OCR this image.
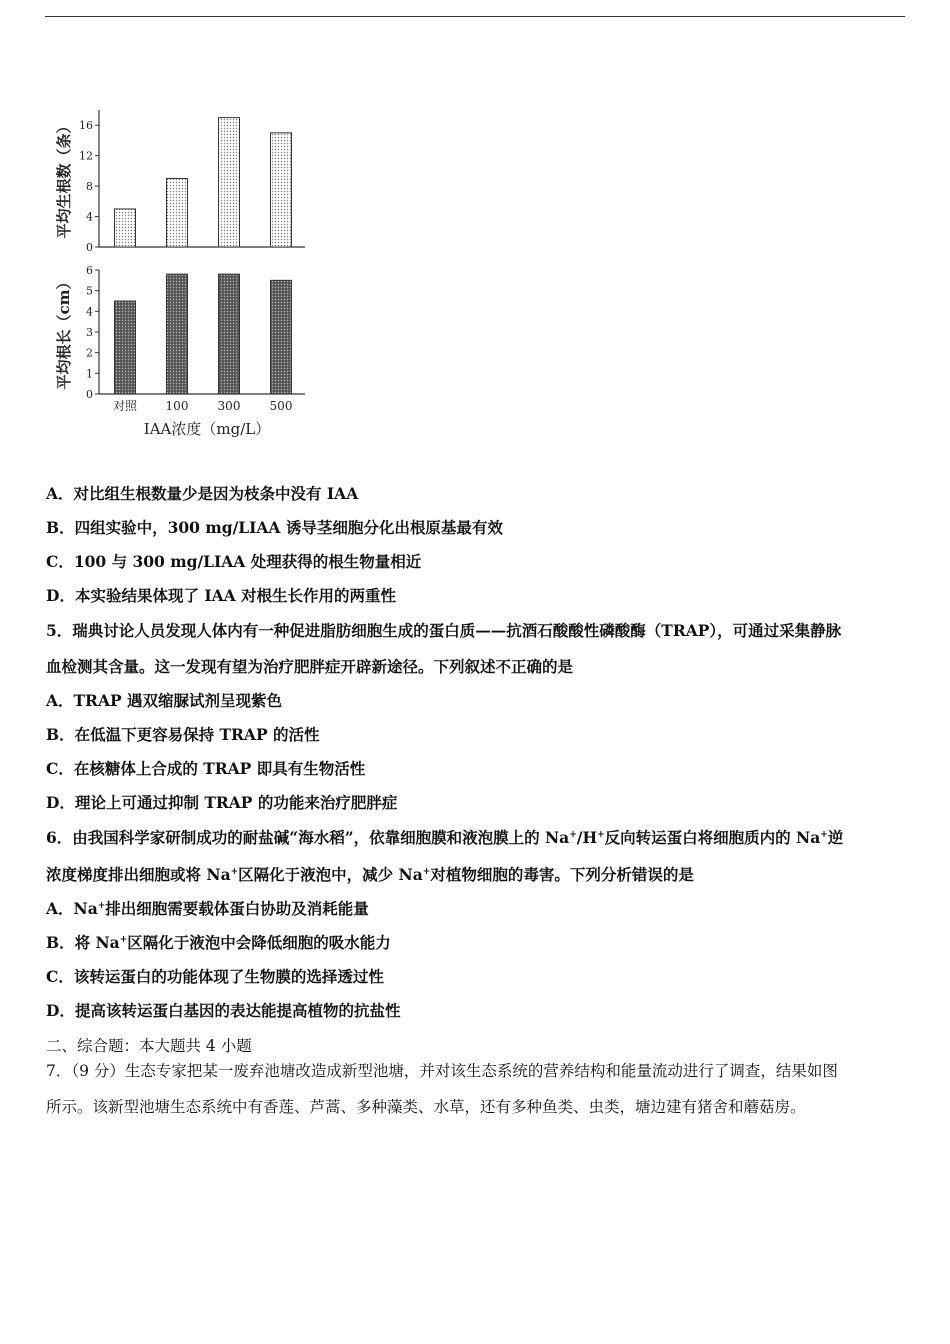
0
4
8
12
16
平均生根数（条）
0
1
2
3
4
5
6
平均根长（cm）
对照 100 300 500
IAA浓度（mg/L）
A．对比组生根数量少是因为枝条中没有 IAA
B．四组实验中，300 mg/LIAA 诱导茎细胞分化出根原基最有效
C．100 与 300 mg/LIAA 处理获得的根生物量相近
D．本实验结果体现了 IAA 对根生长作用的两重性
5．瑞典讨论人员发现人体内有一种促进脂肪细胞生成的蛋白质——抗酒石酸酸性磷酸酶（TRAP），可通过采集静脉
血检测其含量。这一发现有望为治疗肥胖症开辟新途径。下列叙述不正确的是
A．TRAP 遇双缩脲试剂呈现紫色
B．在低温下更容易保持 TRAP 的活性
C．在核糖体上合成的 TRAP 即具有生物活性
D．理论上可通过抑制 TRAP 的功能来治疗肥胖症
6．由我国科学家研制成功的耐盐碱“海水稻”，依靠细胞膜和液泡膜上的 Na+/H+反向转运蛋白将细胞质内的 Na+逆
浓度梯度排出细胞或将 Na+区隔化于液泡中，减少 Na+对植物细胞的毒害。下列分析错误的是
A．Na+排出细胞需要载体蛋白协助及消耗能量
B．将 Na+区隔化于液泡中会降低细胞的吸水能力
C．该转运蛋白的功能体现了生物膜的选择透过性
D．提高该转运蛋白基因的表达能提高植物的抗盐性
二、综合题：本大题共 4 小题
7．（9 分）生态专家把某一废弃池塘改造成新型池塘，并对该生态系统的营养结构和能量流动进行了调查，结果如图
所示。该新型池塘生态系统中有香莲、芦蒿、多种藻类、水草，还有多种鱼类、虫类，塘边建有猪舍和蘑菇房。
